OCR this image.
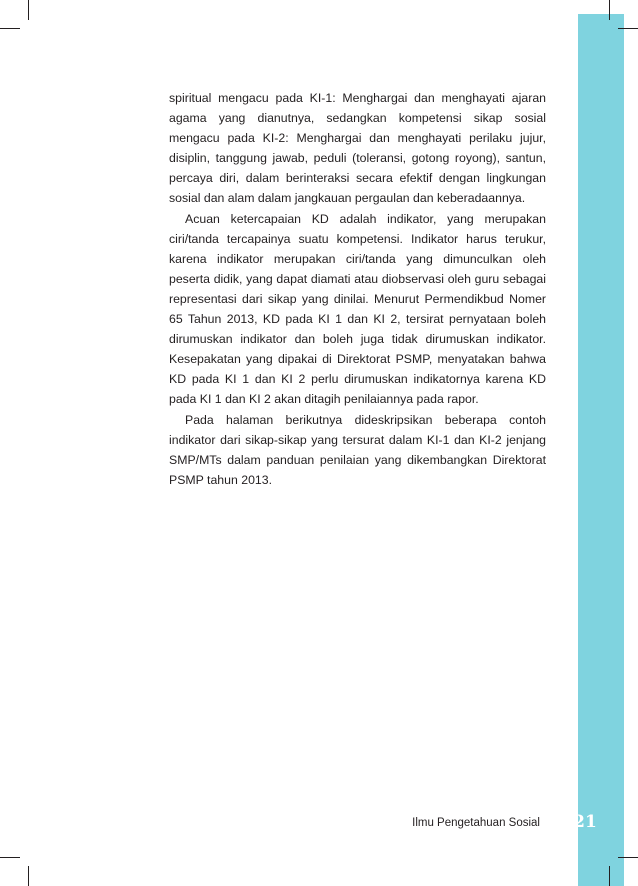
spiritual mengacu pada KI-1: Menghargai dan menghayati ajaran agama yang dianutnya, sedangkan kompetensi sikap sosial mengacu pada KI-2: Menghargai dan menghayati perilaku jujur, disiplin, tanggung jawab, peduli (toleransi, gotong royong), santun, percaya diri, dalam berinteraksi secara efektif dengan lingkungan sosial dan alam dalam jangkauan pergaulan dan keberadaannya.

Acuan ketercapaian KD adalah indikator, yang merupakan ciri/tanda tercapainya suatu kompetensi. Indikator harus terukur, karena indikator merupakan ciri/tanda yang dimunculkan oleh peserta didik, yang dapat diamati atau diobservasi oleh guru sebagai representasi dari sikap yang dinilai. Menurut Permendikbud Nomer 65 Tahun 2013, KD pada KI 1 dan KI 2, tersirat pernyataan boleh dirumuskan indikator dan boleh juga tidak dirumuskan indikator. Kesepakatan yang dipakai di Direktorat PSMP, menyatakan bahwa KD pada KI 1 dan KI 2 perlu dirumuskan indikatornya karena KD pada KI 1 dan KI 2 akan ditagih penilaiannya pada rapor.

Pada halaman berikutnya dideskripsikan beberapa contoh indikator dari sikap-sikap yang tersurat dalam KI-1 dan KI-2 jenjang SMP/MTs dalam panduan penilaian yang dikembangkan Direktorat PSMP tahun 2013.

Ilmu Pengetahuan Sosial	21
